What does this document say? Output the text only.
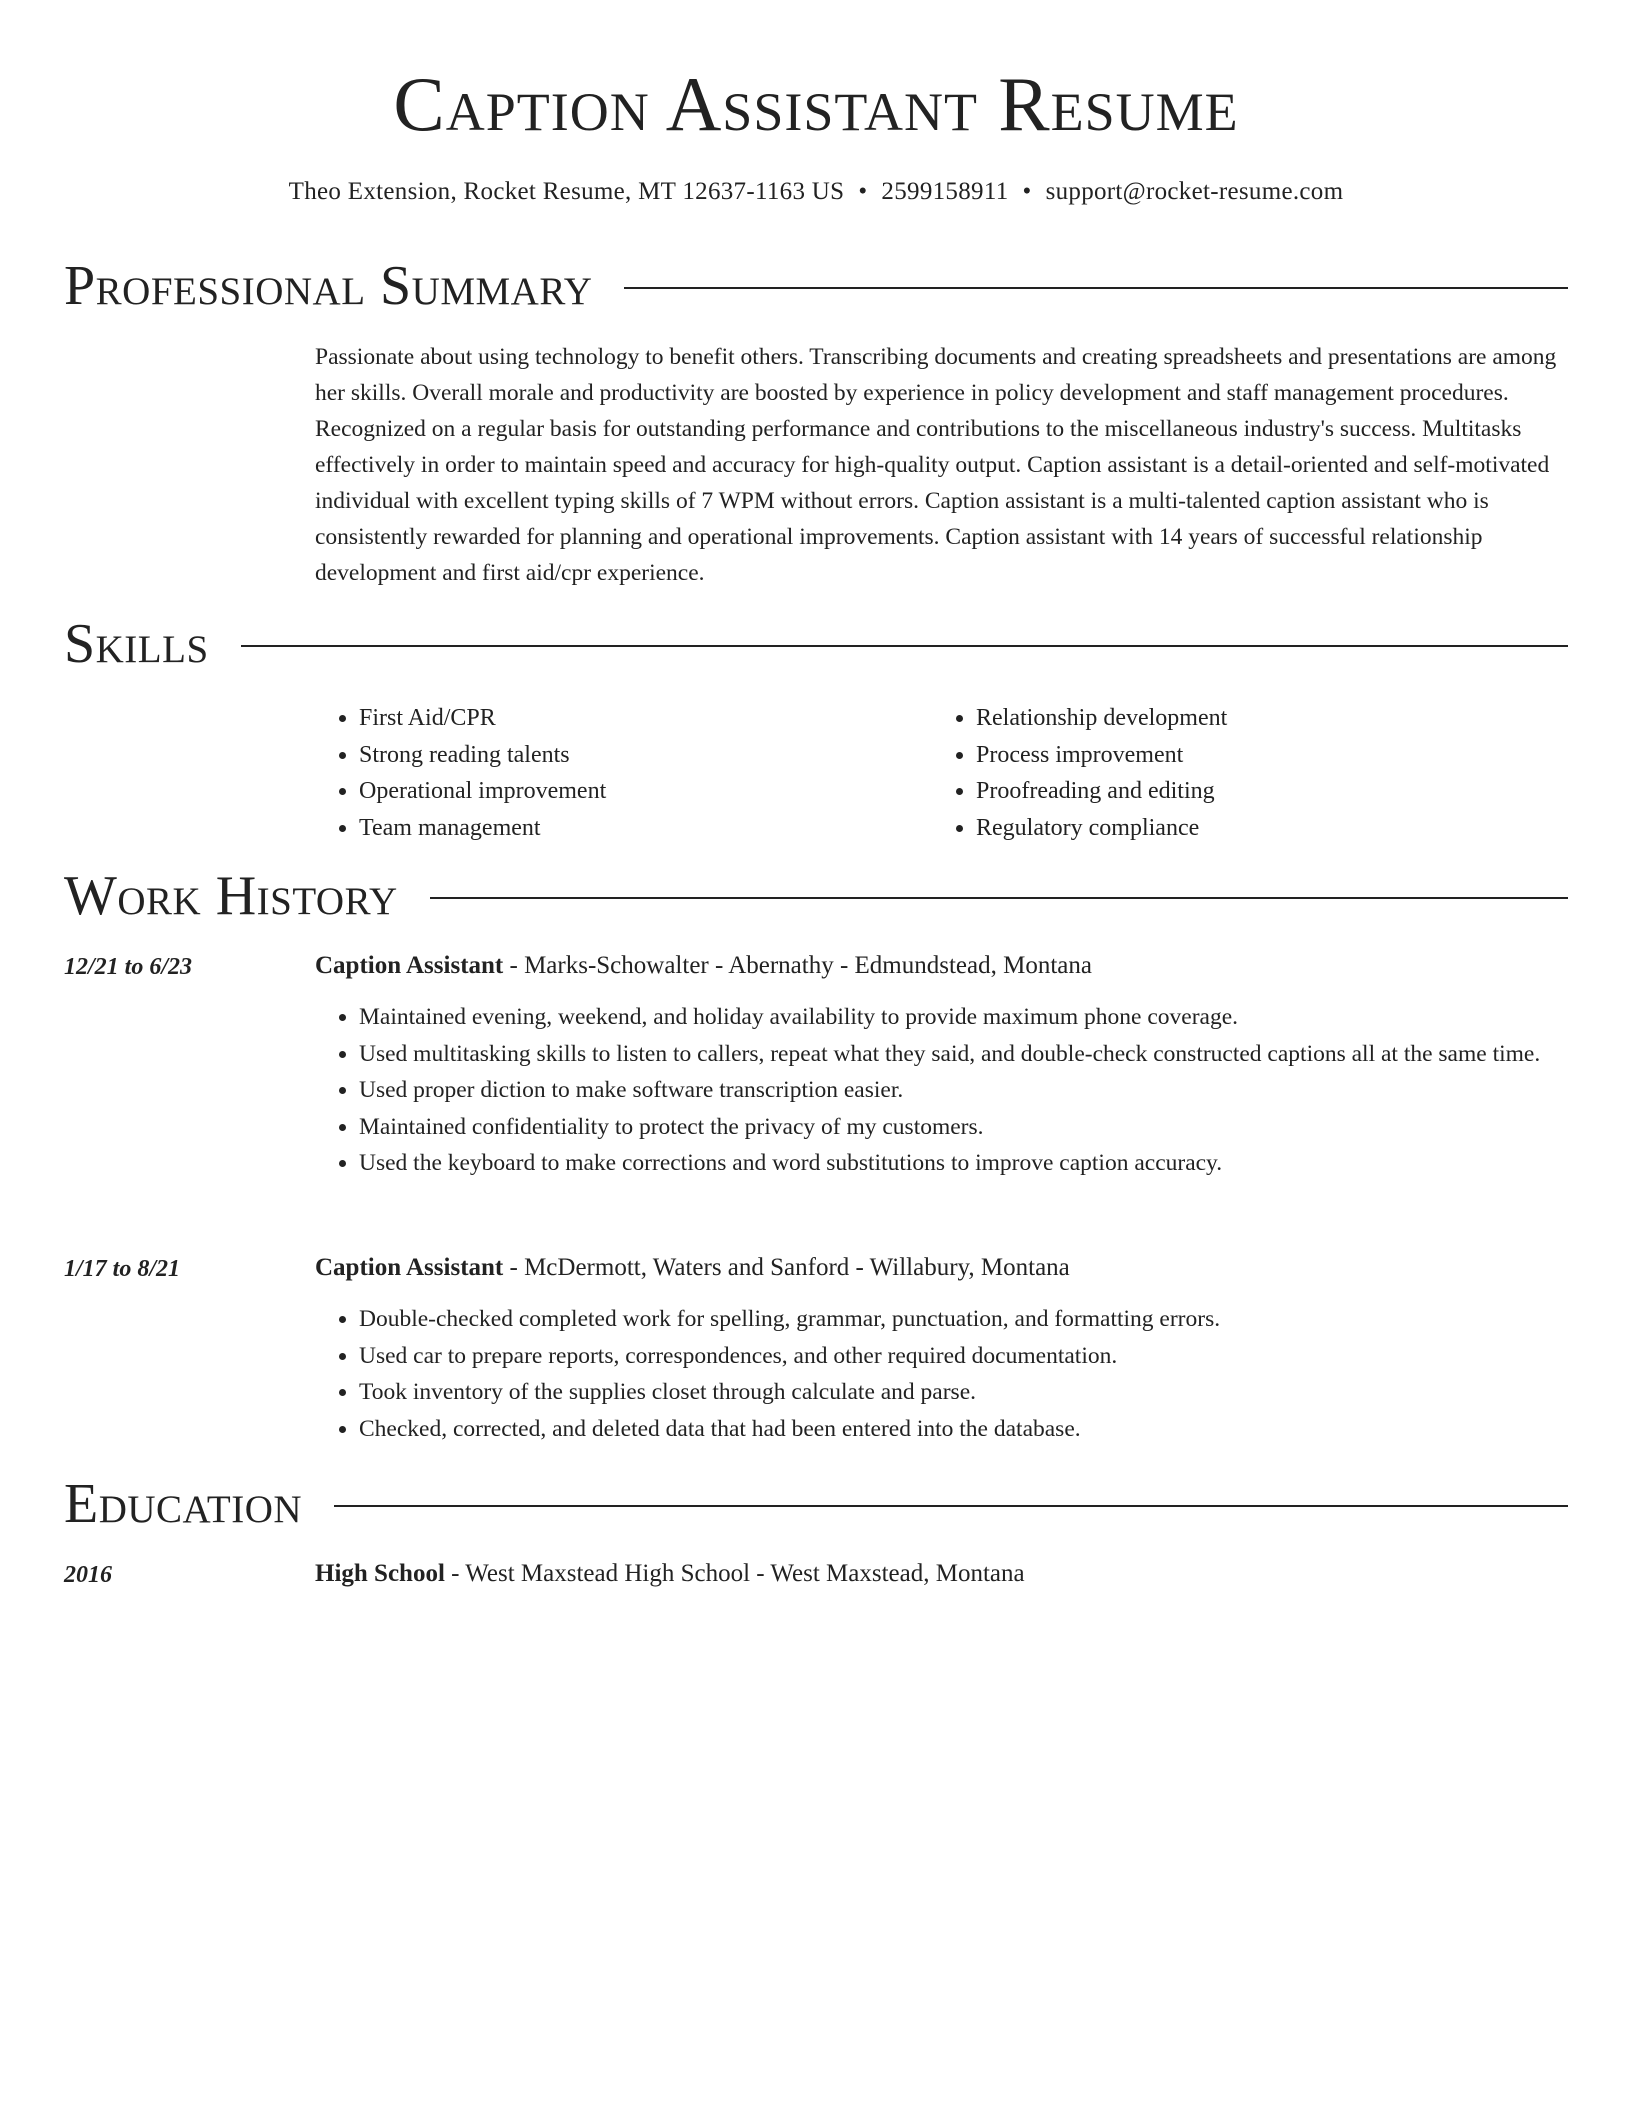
Caption Assistant Resume
Theo Extension, Rocket Resume, MT 12637-1163 US • 2599158911 • support@rocket-resume.com
Professional Summary

Passionate about using technology to benefit others. Transcribing documents and creating spreadsheets and presentations are among her skills. Overall morale and productivity are boosted by experience in policy development and staff management procedures. Recognized on a regular basis for outstanding performance and contributions to the miscellaneous industry's success. Multitasks effectively in order to maintain speed and accuracy for high-quality output. Caption assistant is a detail-oriented and self-motivated individual with excellent typing skills of 7 WPM without errors. Caption assistant is a multi-talented caption assistant who is consistently rewarded for planning and operational improvements. Caption assistant with 14 years of successful relationship development and first aid/cpr experience.

Skills
• First Aid/CPR
• Strong reading talents
• Operational improvement
• Team management
• Relationship development
• Process improvement
• Proofreading and editing
• Regulatory compliance
Work History
12/21 to 6/23	Caption Assistant - Marks-Schowalter - Abernathy - Edmundstead, Montana
• Maintained evening, weekend, and holiday availability to provide maximum phone coverage.
• Used multitasking skills to listen to callers, repeat what they said, and double-check constructed captions all at the same time.
• Used proper diction to make software transcription easier.
• Maintained confidentiality to protect the privacy of my customers.
• Used the keyboard to make corrections and word substitutions to improve caption accuracy.
1/17 to 8/21	Caption Assistant - McDermott, Waters and Sanford - Willabury, Montana
• Double-checked completed work for spelling, grammar, punctuation, and formatting errors.
• Used car to prepare reports, correspondences, and other required documentation.
• Took inventory of the supplies closet through calculate and parse.
• Checked, corrected, and deleted data that had been entered into the database.
Education
2016	High School - West Maxstead High School - West Maxstead, Montana
